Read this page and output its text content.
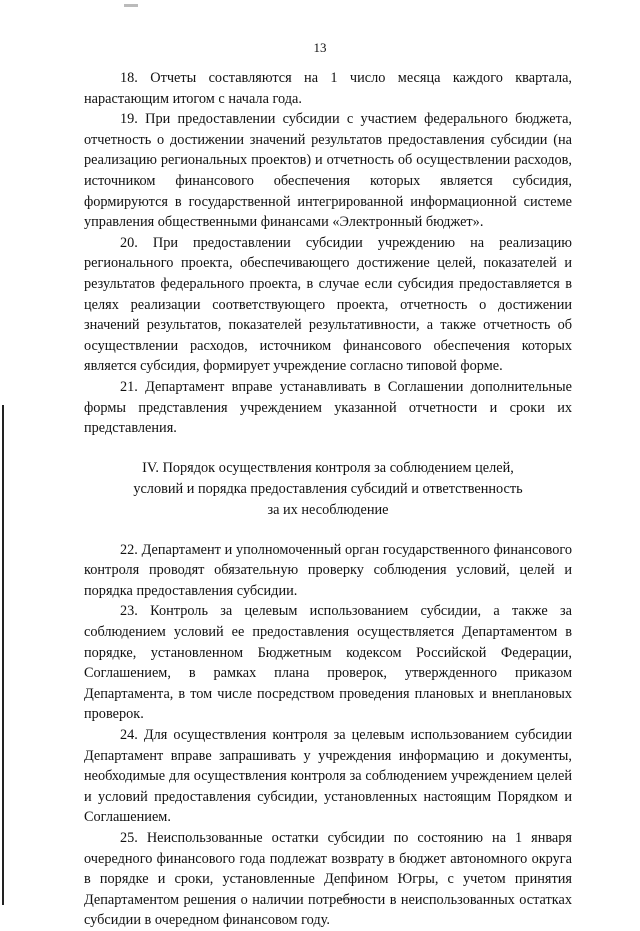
13

18. Отчеты составляются на 1 число месяца каждого квартала, нарастающим итогом с начала года.

19. При предоставлении субсидии с участием федерального бюджета, отчетность о достижении значений результатов предоставления субсидии (на реализацию региональных проектов) и отчетность об осуществлении расходов, источником финансового обеспечения которых является субсидия, формируются в государственной интегрированной информационной системе управления общественными финансами «Электронный бюджет».

20. При предоставлении субсидии учреждению на реализацию регионального проекта, обеспечивающего достижение целей, показателей и результатов федерального проекта, в случае если субсидия предоставляется в целях реализации соответствующего проекта, отчетность о достижении значений результатов, показателей результативности, а также отчетность об осуществлении расходов, источником финансового обеспечения которых является субсидия, формирует учреждение согласно типовой форме.

21. Департамент вправе устанавливать в Соглашении дополнительные формы представления учреждением указанной отчетности и сроки их представления.

IV. Порядок осуществления контроля за соблюдением целей,
условий и порядка предоставления субсидий и ответственность
за их несоблюдение

22. Департамент и уполномоченный орган государственного финансового контроля проводят обязательную проверку соблюдения условий, целей и порядка предоставления субсидии.

23. Контроль за целевым использованием субсидии, а также за соблюдением условий ее предоставления осуществляется Департаментом в порядке, установленном Бюджетным кодексом Российской Федерации, Соглашением, в рамках плана проверок, утвержденного приказом Департамента, в том числе посредством проведения плановых и внеплановых проверок.

24. Для осуществления контроля за целевым использованием субсидии Департамент вправе запрашивать у учреждения информацию и документы, необходимые для осуществления контроля за соблюдением учреждением целей и условий предоставления субсидии, установленных настоящим Порядком и Соглашением.

25. Неиспользованные остатки субсидии по состоянию на 1 января очередного финансового года подлежат возврату в бюджет автономного округа в порядке и сроки, установленные Депфином Югры, с учетом принятия Департаментом решения о наличии потребности в неиспользованных остатках субсидии в очередном финансовом году.
